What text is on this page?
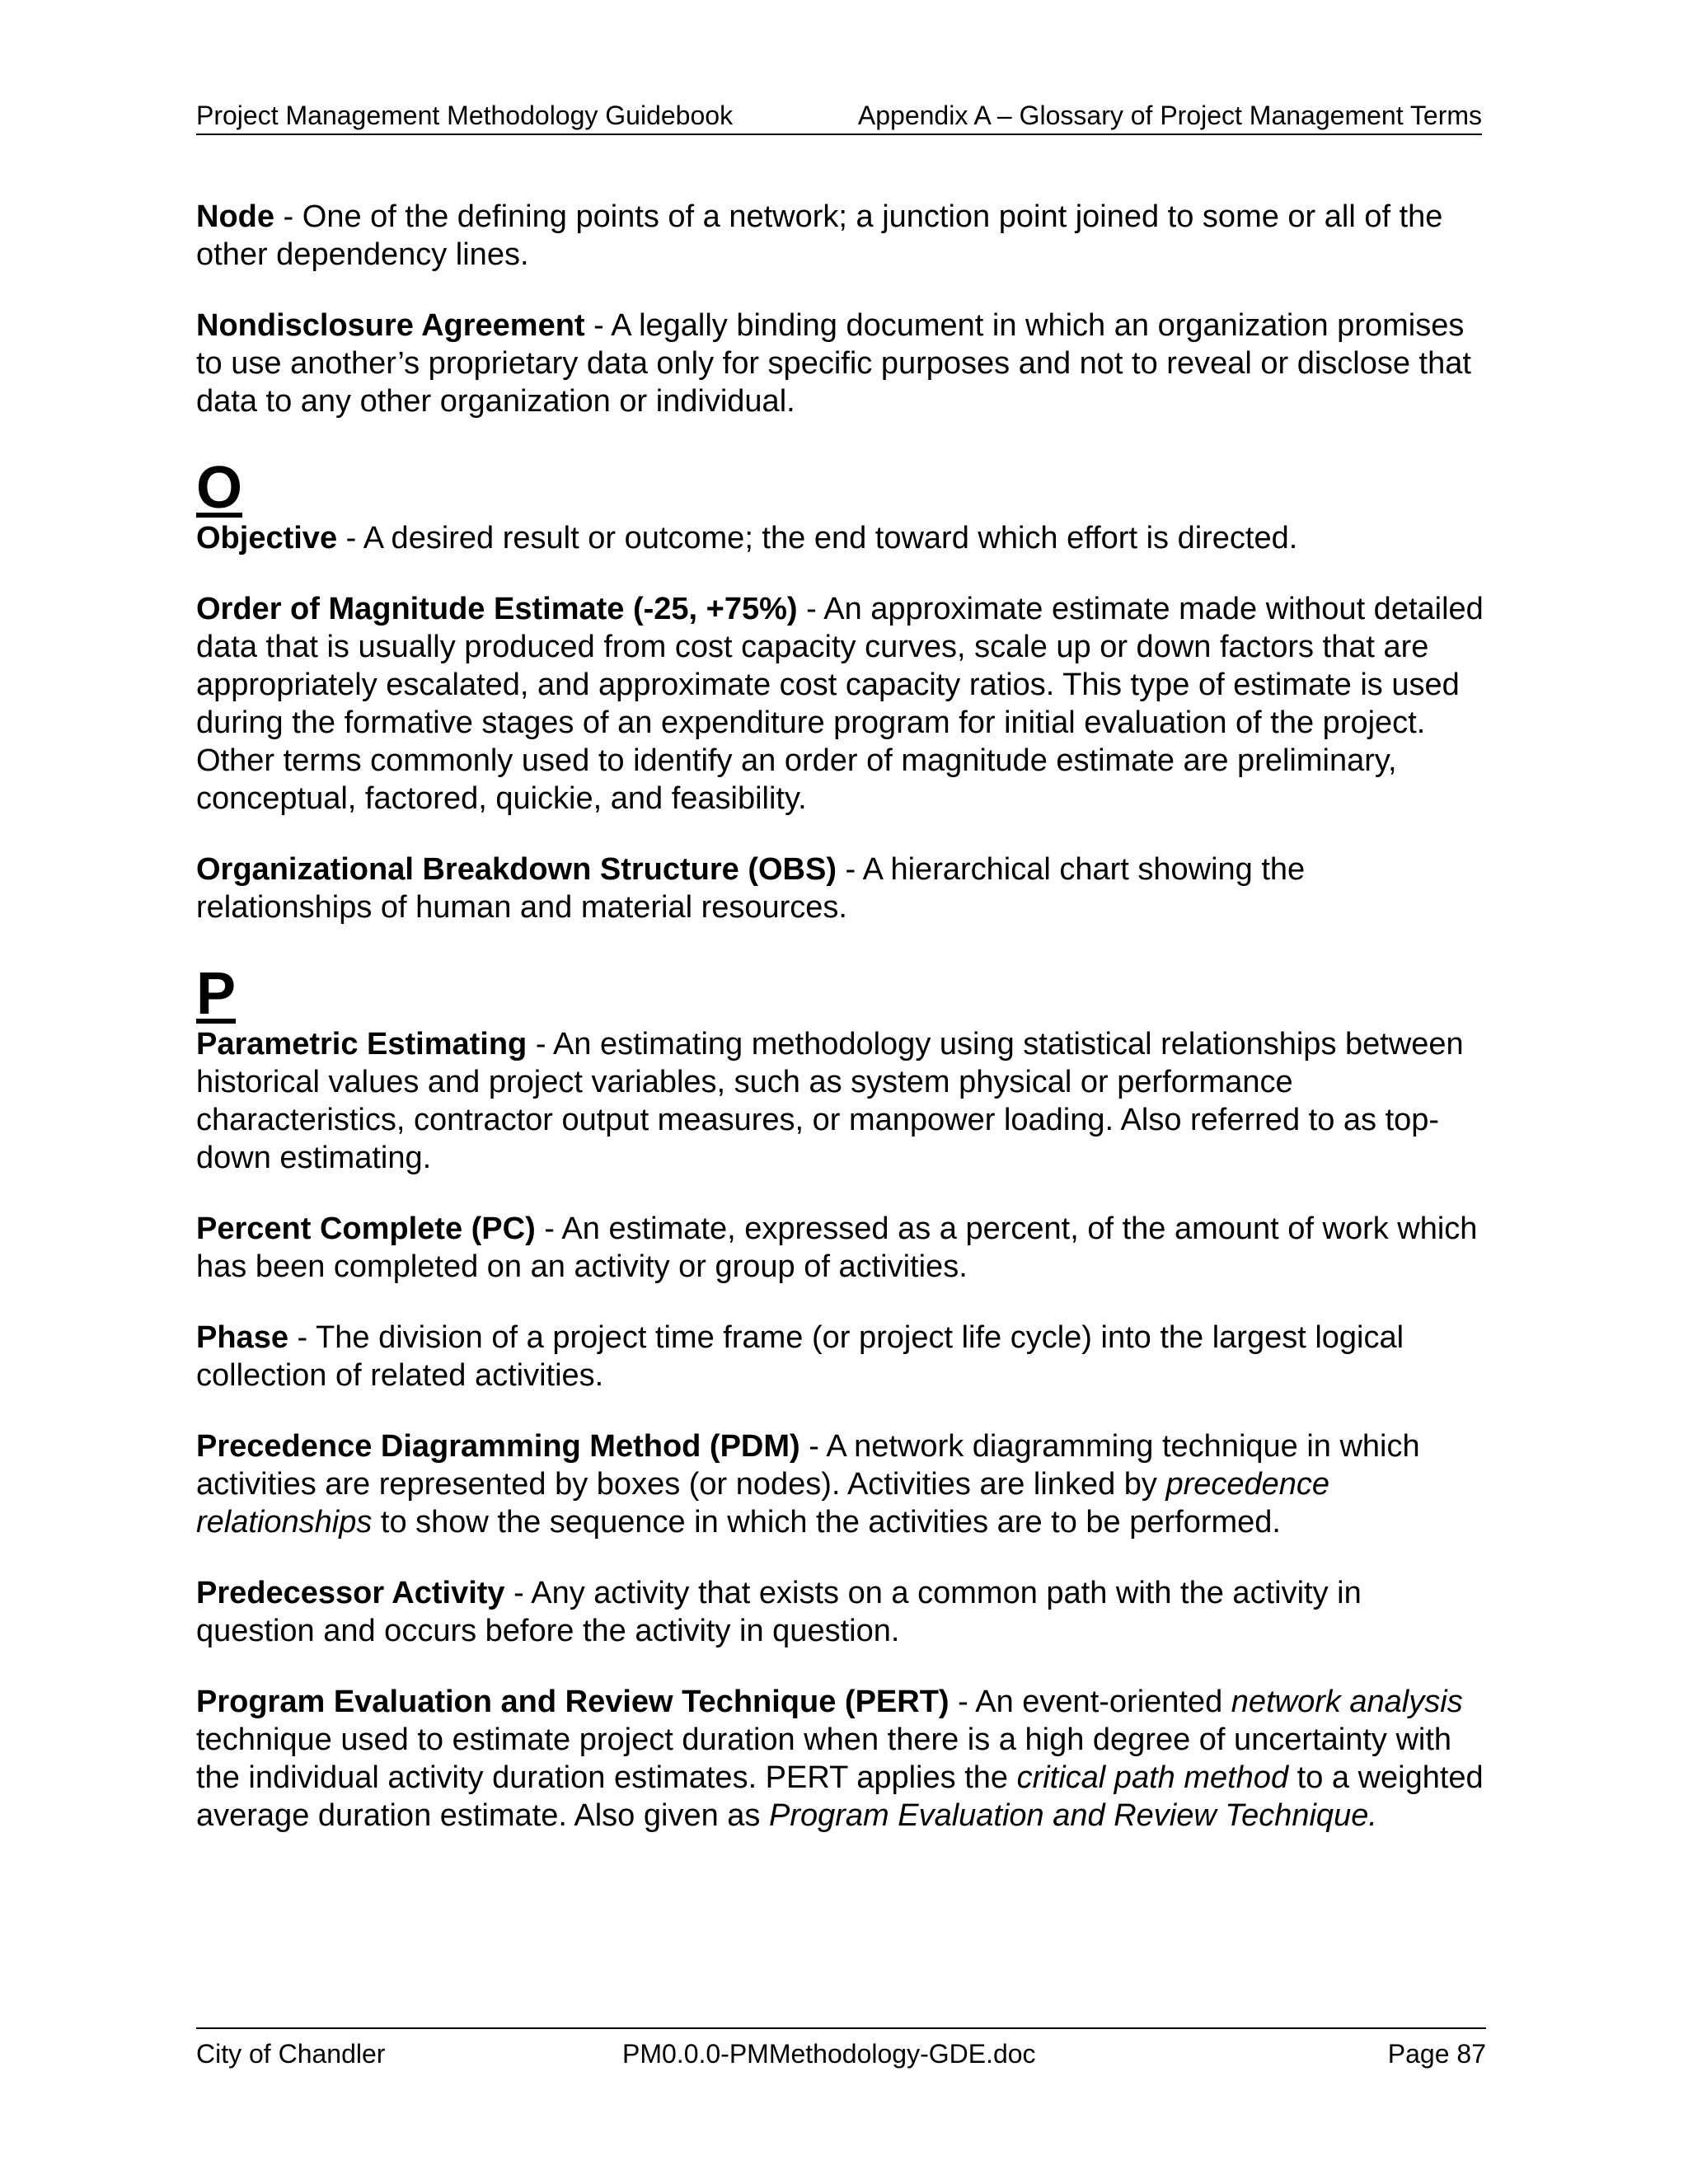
Project Management Methodology Guidebook	Appendix A – Glossary of Project Management Terms

Node - One of the defining points of a network; a junction point joined to some or all of the other dependency lines.

Nondisclosure Agreement - A legally binding document in which an organization promises to use another’s proprietary data only for specific purposes and not to reveal or disclose that data to any other organization or individual.

O

Objective - A desired result or outcome; the end toward which effort is directed.

Order of Magnitude Estimate (-25, +75%) - An approximate estimate made without detailed data that is usually produced from cost capacity curves, scale up or down factors that are appropriately escalated, and approximate cost capacity ratios. This type of estimate is used during the formative stages of an expenditure program for initial evaluation of the project. Other terms commonly used to identify an order of magnitude estimate are preliminary, conceptual, factored, quickie, and feasibility.

Organizational Breakdown Structure (OBS) - A hierarchical chart showing the relationships of human and material resources.

P

Parametric Estimating - An estimating methodology using statistical relationships between historical values and project variables, such as system physical or performance characteristics, contractor output measures, or manpower loading. Also referred to as top-down estimating.

Percent Complete (PC) - An estimate, expressed as a percent, of the amount of work which has been completed on an activity or group of activities.

Phase - The division of a project time frame (or project life cycle) into the largest logical collection of related activities.

Precedence Diagramming Method (PDM) - A network diagramming technique in which activities are represented by boxes (or nodes). Activities are linked by precedence relationships to show the sequence in which the activities are to be performed.

Predecessor Activity - Any activity that exists on a common path with the activity in question and occurs before the activity in question.

Program Evaluation and Review Technique (PERT) - An event-oriented network analysis technique used to estimate project duration when there is a high degree of uncertainty with the individual activity duration estimates. PERT applies the critical path method to a weighted average duration estimate. Also given as Program Evaluation and Review Technique.

City of Chandler	PM0.0.0-PMMethodology-GDE.doc	Page 87
